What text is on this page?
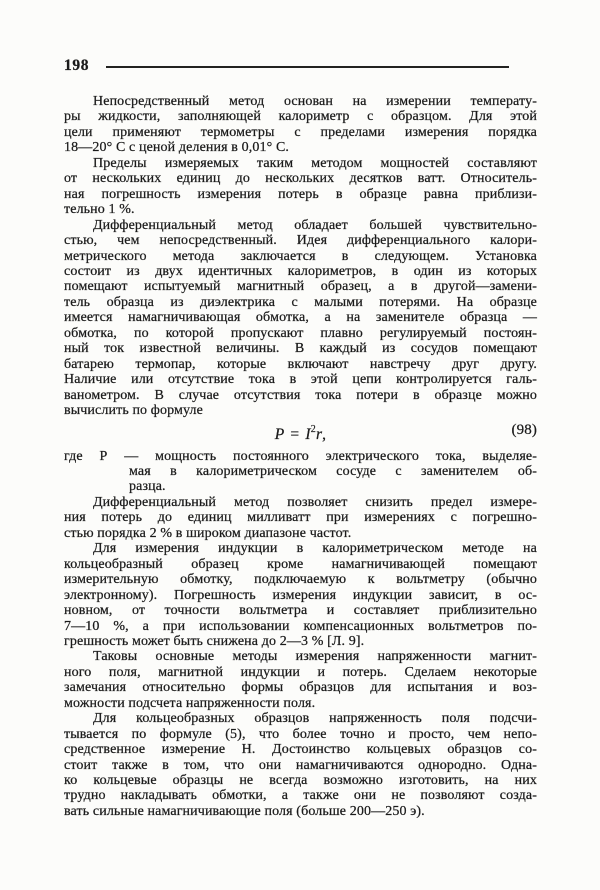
198
Непосредственный метод основан на измерении температу-
ры жидкости, заполняющей калориметр с образцом. Для этой
цели применяют термометры с пределами измерения порядка
18—20° С с ценой деления в 0,01° С.
Пределы измеряемых таким методом мощностей составляют
от нескольких единиц до нескольких десятков ватт. Относитель-
ная погрешность измерения потерь в образце равна приблизи-
тельно 1 %.
Дифференциальный метод обладает большей чувствительно-
стью, чем непосредственный. Идея дифференциального калори-
метрического метода заключается в следующем. Установка
состоит из двух идентичных калориметров, в один из которых
помещают испытуемый магнитный образец, а в другой—замени-
тель образца из диэлектрика с малыми потерями. На образце
имеется намагничивающая обмотка, а на заменителе образца —
обмотка, по которой пропускают плавно регулируемый постоян-
ный ток известной величины. В каждый из сосудов помещают
батарею термопар, которые включают навстречу друг другу.
Наличие или отсутствие тока в этой цепи контролируется галь-
ванометром. В случае отсутствия тока потери в образце можно
вычислить по формуле
$P = I^2r$,	(98)
где Р — мощность постоянного электрического тока, выделяе-
мая в калориметрическом сосуде с заменителем об-
разца.
Дифференциальный метод позволяет снизить предел измере-
ния потерь до единиц милливатт при измерениях с погрешно-
стью порядка 2 % в широком диапазоне частот.
Для измерения индукции в калориметрическом методе на
кольцеобразный образец кроме намагничивающей помещают
измерительную обмотку, подключаемую к вольтметру (обычно
электронному). Погрешность измерения индукции зависит, в ос-
новном, от точности вольтметра и составляет приблизительно
7—10 %, а при использовании компенсационных вольтметров по-
грешность может быть снижена до 2—3 % [Л. 9].
Таковы основные методы измерения напряженности магнит-
ного поля, магнитной индукции и потерь. Сделаем некоторые
замечания относительно формы образцов для испытания и воз-
можности подсчета напряженности поля.
Для кольцеобразных образцов напряженность поля подсчи-
тывается по формуле (5), что более точно и просто, чем непо-
средственное измерение Н. Достоинство кольцевых образцов со-
стоит также в том, что они намагничиваются однородно. Одна-
ко кольцевые образцы не всегда возможно изготовить, на них
трудно накладывать обмотки, а также они не позволяют созда-
вать сильные намагничивающие поля (больше 200—250 э).
